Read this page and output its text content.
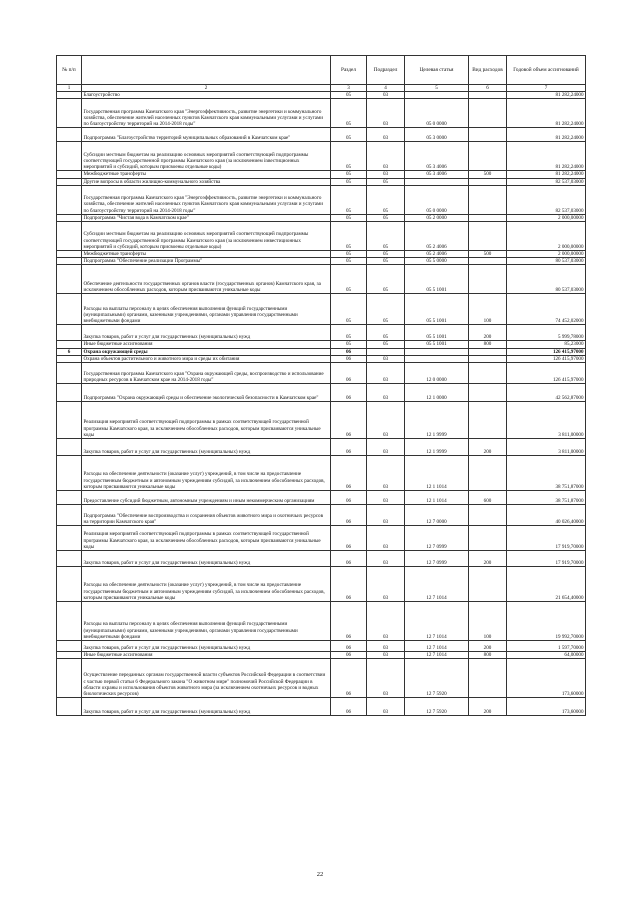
№ п/п		Раздел	Подраздел	Целевая статья	Вид расходов	Годовой объем ассигнований
1	2	3	4	5	6	7
	Благоустройство	05	03			81 282,24000
	Государственная программа Камчатского края "Энергоэффективность, развитие энергетики и коммунального хозяйства, обеспечение жителей населенных пунктов Камчатского края коммунальными услугами и услугами по благоустройству территорий на 2014-2018 годы"	05	03	05 0 0000		81 282,24000
	Подпрограмма "Благоустройство территорий муниципальных образований в Камчатском крае"	05	03	05 3 0000		81 282,24000
	Субсидии местным бюджетам на реализацию основных мероприятий соответствующей подпрограммы соответствующей государственной программы Камчатского края (за исключением inвестиционных мероприятий и субсидий, которым присвоены отдельные коды)	05	03	05 3 4006		81 282,24000
	Межбюджетные трансферты	05	03	05 3 4006	500	81 282,24000
	Другие вопросы в области жилищно-коммунального хозяйства	05	05			82 537,03000
	Государственная программа Камчатского края "Энергоэффективность, развитие энергетики и коммунального хозяйства, обеспечение жителей населенных пунктов Камчатского края коммунальными услугами и услугами по благоустройству территорий на 2014-2018 годы"	05	05	05 0 0000		82 537,03000
	Подпрограмма "Чистая вода в Камчатском крае"	05	05	05 2 0000		2 000,00000
	Субсидии местным бюджетам на реализацию основных мероприятий соответствующей подпрограммы соответствующей государственной программы Камчатского края (за исключением инвестиционных мероприятий и субсидий, которым присвоены отдельные коды)	05	05	05 2 4006		2 000,00000
	Межбюджетные трансферты	05	05	05 2 4006	500	2 000,00000
	Подпрограмма "Обеспечение реализации Программы"	05	05	05 5 0000		80 537,03000
	Обеспечение деятельности государственных органов власти (государственных органов) Камчатского края, за исключением обособленных расходов, которым присваиваются уникальные коды	05	05	05 5 1001		80 537,03000
	Расходы на выплаты персоналу в целях обеспечения выполнения функций государственными (муниципальными) органами, казенными учреждениями, органами управления государственными внебюджетными фондами	05	05	05 5 1001	100	74 452,02000
	Закупка товаров, работ и услуг для государственных (муниципальных) нужд	05	05	05 5 1001	200	5 999,78000
	Иные бюджетные ассигнования	05	05	05 5 1001	800	85,23000
6	Охрана окружающей среды	06				126 415,97000
	Охрана объектов растительного и животного мира и среды их обитания	06	03			126 415,97000
	Государственная программа Камчатского края "Охрана окружающей среды, воспроизводство и использование природных ресурсов в Камчатском крае на 2014-2018 годы"	06	03	12 0 0000		126 415,97000
	Подпрограмма "Охрана окружающей среды и обеспечение экологической безопасности в Камчатском крае"	06	03	12 1 0000		42 562,87000
	Реализация мероприятий соответствующей подпрограммы в рамках соответствующей государственной программы Камчатского края, за исключением обособленных расходов, которым присваиваются уникальные коды	06	03	12 1 9999		3 811,00000
	Закупка товаров, работ и услуг для государственных (муниципальных) нужд	06	03	12 1 9999	200	3 811,00000
	Расходы на обеспечение деятельности (оказание услуг) учреждений, в том числе на предоставление государственным бюджетным и автономным учреждениям субсидий, за исключением обособленных расходов, которым присваиваются уникальные коды	06	03	12 1 1014		38 751,87000
	Предоставление субсидий бюджетным, автономным учреждениям и иным некоммерческим организациям	06	03	12 1 1014	600	38 751,87000
	Подпрограмма "Обеспечение воспроизводства и сохранения объектов животного мира и охотничьих ресурсов на территории Камчатского края"	06	03	12 7 0000		40 026,40000
	Реализация мероприятий соответствующей подпрограммы в рамках соответствующей государственной программы Камчатского края, за исключением обособленных расходов, которым присваиваются уникальные коды	06	03	12 7 0999		17 919,70000
	Закупка товаров, работ и услуг для государственных (муниципальных) нужд	06	03	12 7 0999	200	17 919,70000
	Расходы на обеспечение деятельности (оказание услуг) учреждений, в том числе на предоставление государственным бюджетным и автономным учреждениям субсидий, за исключением обособленных расходов, которым присваиваются уникальные коды	06	03	12 7 1014		21 654,40000
	Расходы на выплаты персоналу в целях обеспечения выполнения функций государственными (муниципальными) органами, казенными учреждениями, органами управления государственными внебюджетными фондами	06	03	12 7 1014	100	19 992,70000
	Закупка товаров, работ и услуг для государственных (муниципальных) нужд	06	03	12 7 1014	200	1 597,70000
	Иные бюджетные ассигнования	06	03	12 7 1014	800	64,00000
	Осуществление переданных органам государственной власти субъектов Российской Федерации в соответствии с частью первой статьи 6 Федерального закона "О животном мире" полномочий Российской Федерации в области охраны и использования объектов животного мира (за исключением охотничьих ресурсов и водных биологических ресурсов)	06	03	12 7 5920		173,60000
	Закупка товаров, работ и услуг для государственных (муниципальных) нужд	06	03	12 7 5920	200	173,60000
22
